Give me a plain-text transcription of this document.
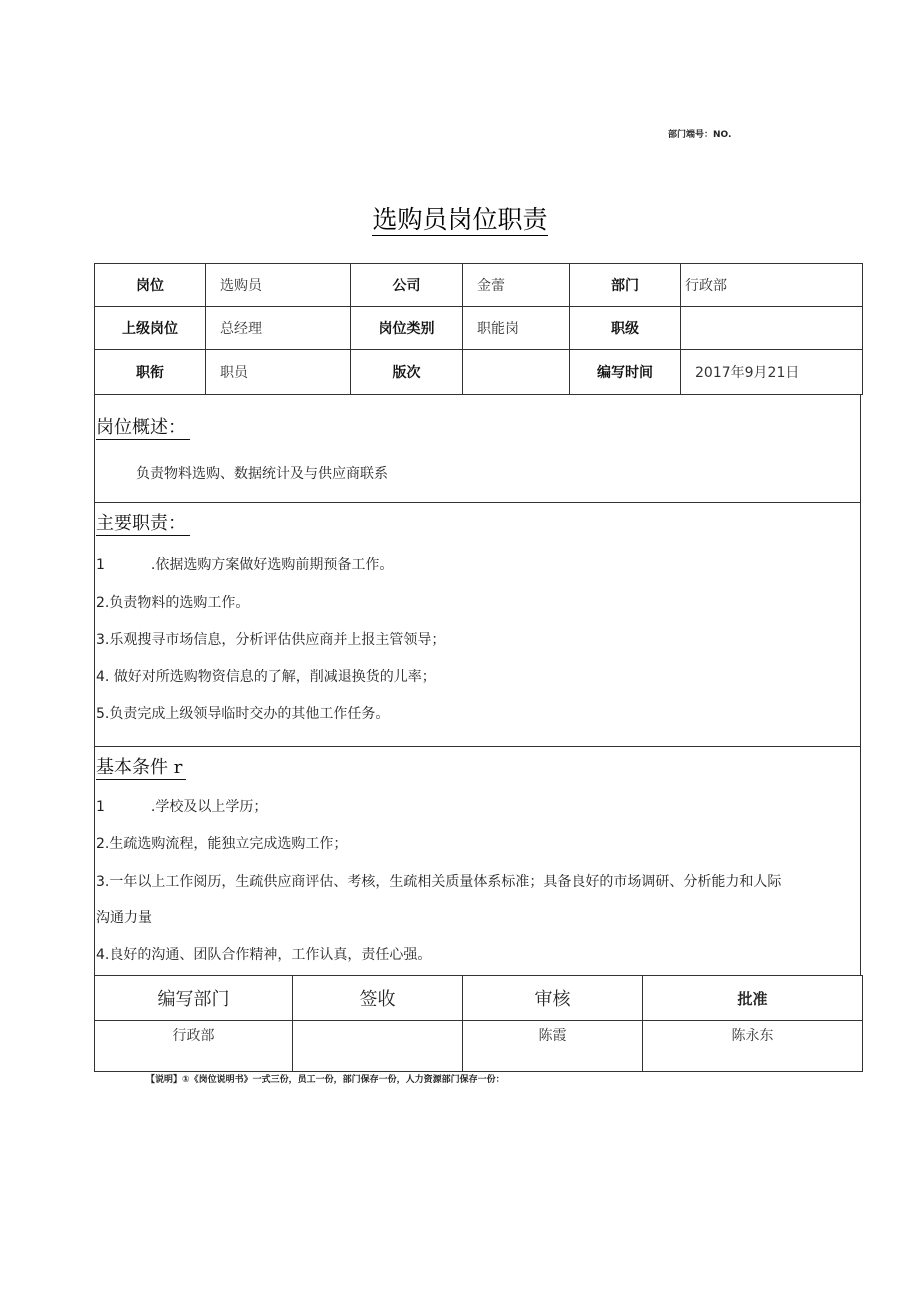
部门端号：NO.
选购员岗位职责
岗位	选购员	公司	金蕾	部门	行政部
上级岗位	总经理	岗位类别	职能岗	职级	
职衔	职员	版次		编写时间	2017年9月21日
岗位概述：
负责物料选购、数据统计及与供应商联系
主要职责：
1	.依据选购方案做好选购前期预备工作。
2.负责物料的选购工作。
3.乐观搜寻市场信息，分析评估供应商并上报主管领导；
4. 做好对所选购物资信息的了解，削减退换货的儿率；
5.负责完成上级领导临时交办的其他工作任务。
基本条件 r
1	.学校及以上学历；
2.生疏选购流程，能独立完成选购工作；
3.一年以上工作阅历，生疏供应商评估、考核，生疏相关质量体系标准；具备良好的市场调研、分析能力和人际
沟通力量
4.良好的沟通、团队合作精神，工作认真，责任心强。
编写部门	签收	审核	批准
行政部		陈霞	陈永东
【说明】①《岗位说明书》一式三份，员工一份，部门保存一份，人力资源部门保存一份：
